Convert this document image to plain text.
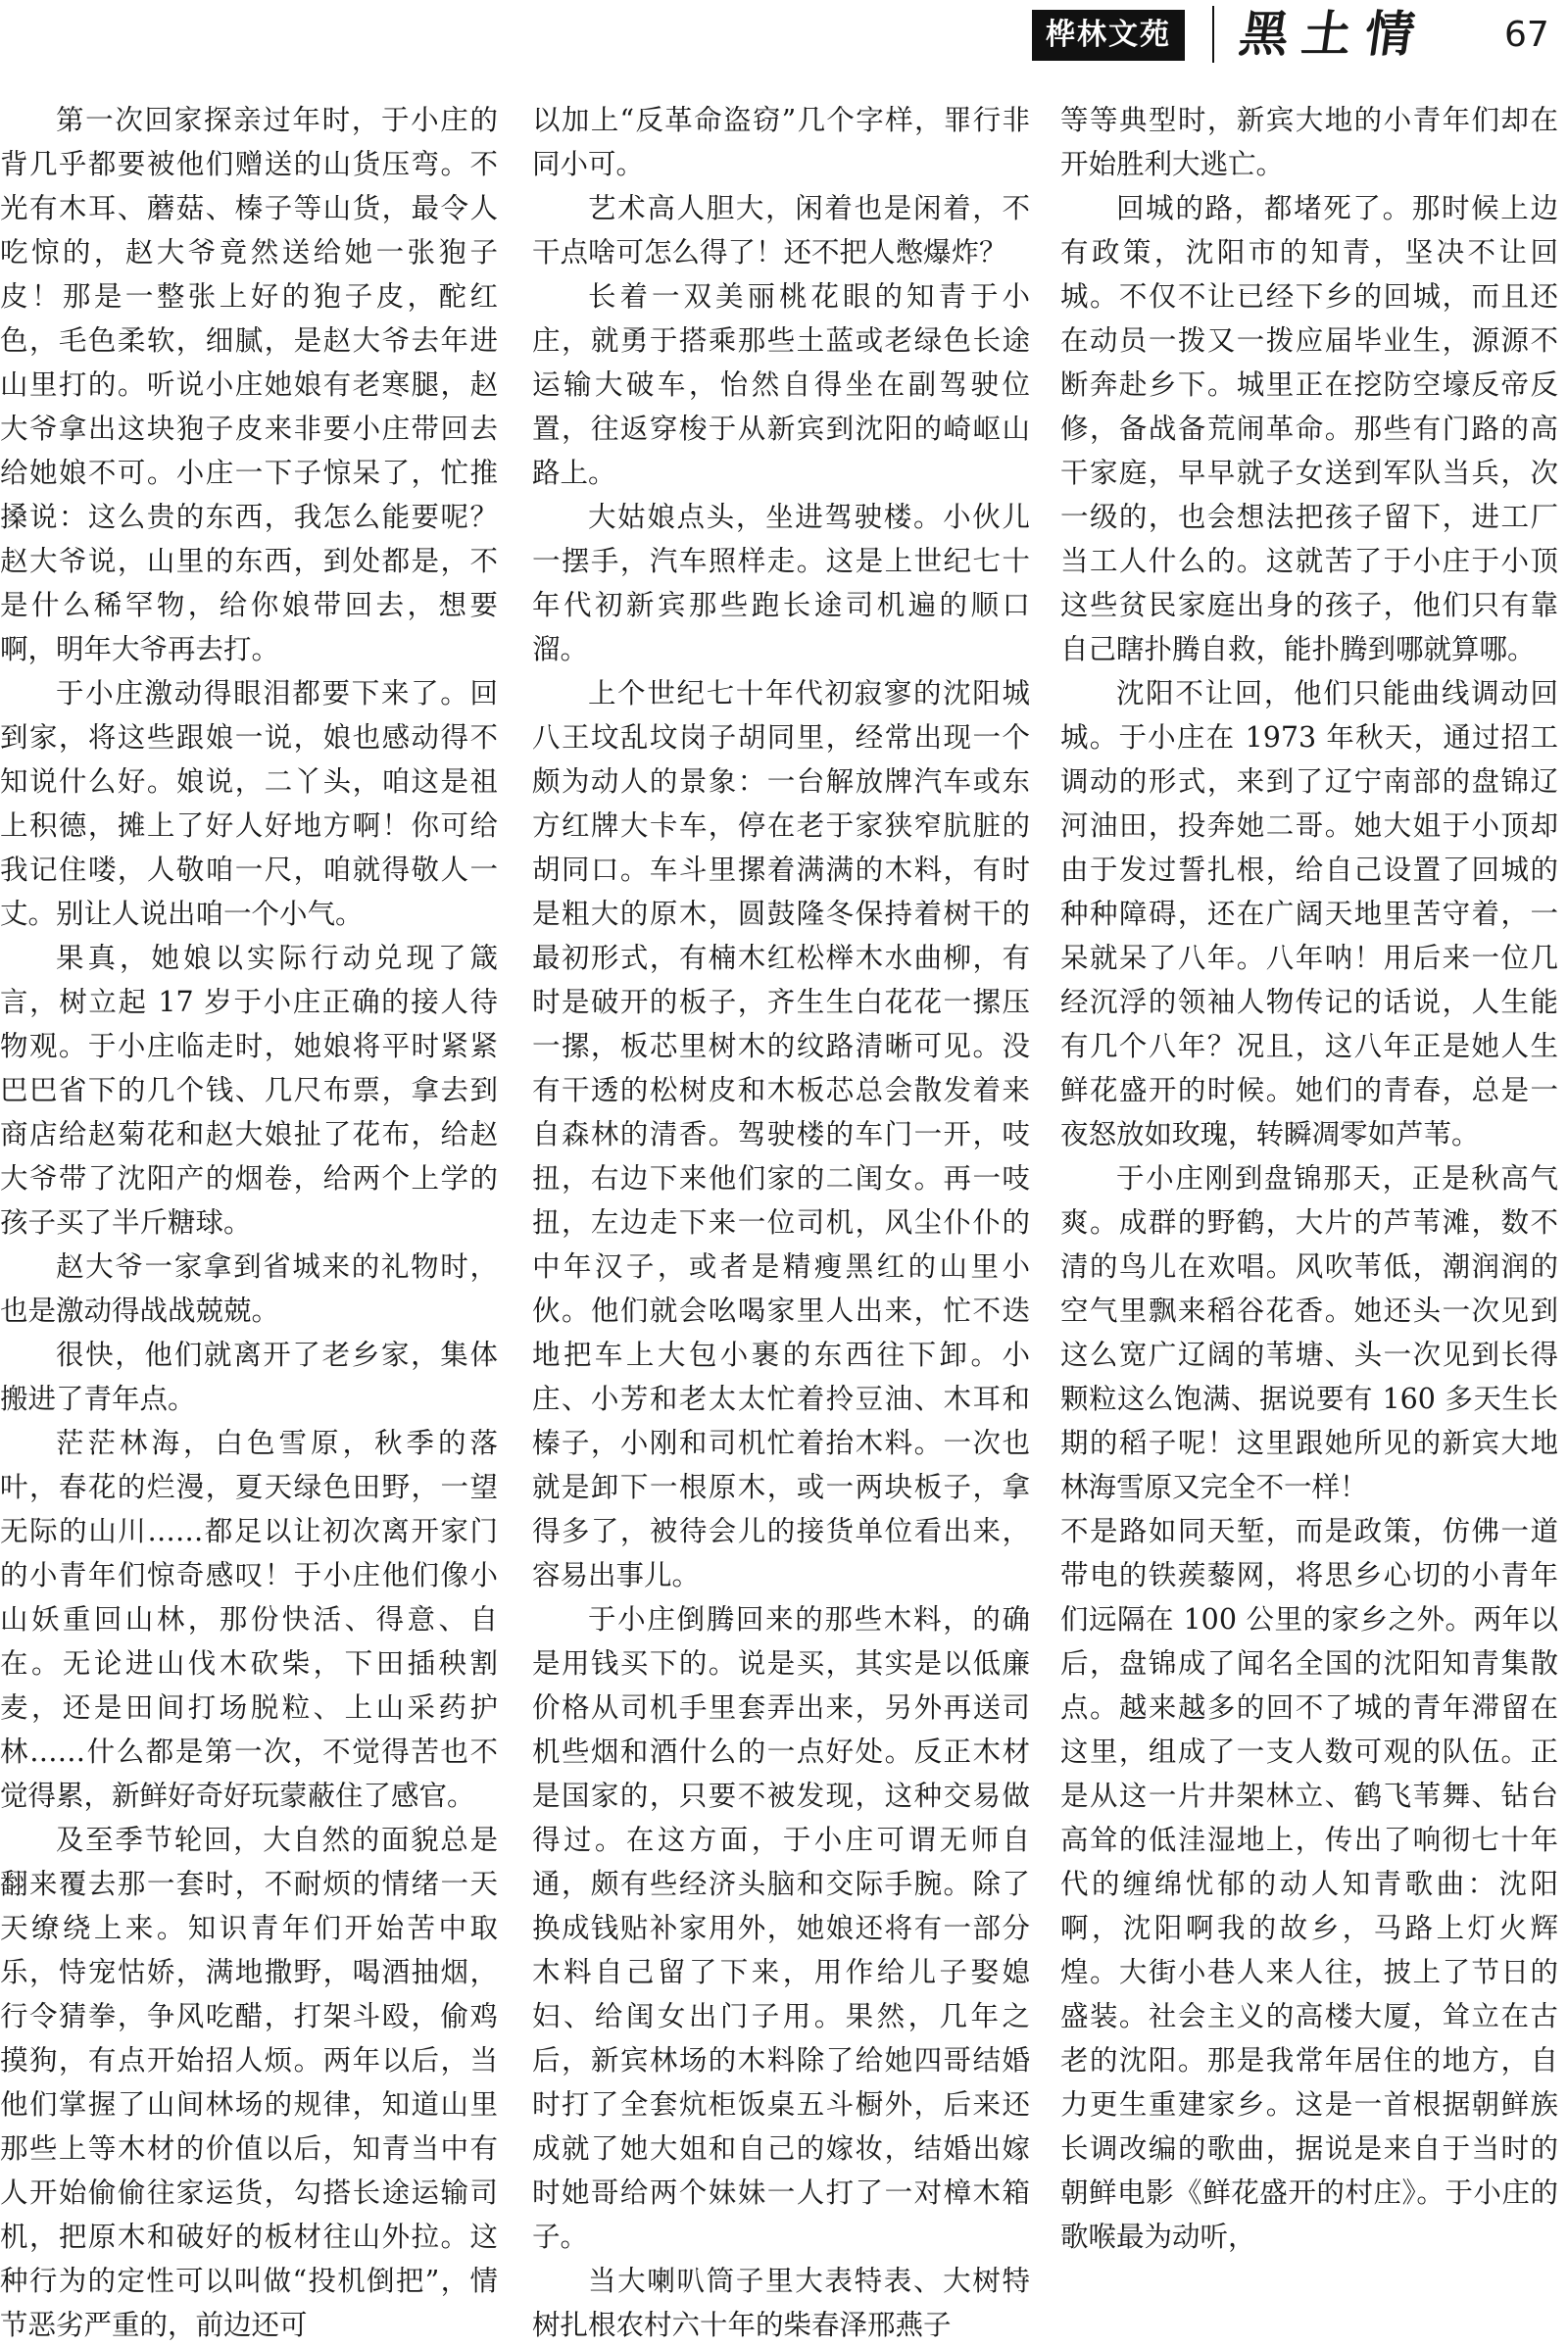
桦林文苑 黑土情 67

第一次回家探亲过年时，于小庄的背几乎都要被他们赠送的山货压弯。不光有木耳、蘑菇、榛子等山货，最令人吃惊的，赵大爷竟然送给她一张狍子皮！那是一整张上好的狍子皮，酡红色，毛色柔软，细腻，是赵大爷去年进山里打的。听说小庄她娘有老寒腿，赵大爷拿出这块狍子皮来非要小庄带回去给她娘不可。小庄一下子惊呆了，忙推搡说：这么贵的东西，我怎么能要呢？赵大爷说，山里的东西，到处都是，不是什么稀罕物，给你娘带回去，想要啊，明年大爷再去打。

于小庄激动得眼泪都要下来了。回到家，将这些跟娘一说，娘也感动得不知说什么好。娘说，二丫头，咱这是祖上积德，摊上了好人好地方啊！你可给我记住喽，人敬咱一尺，咱就得敬人一丈。别让人说出咱一个小气。

果真，她娘以实际行动兑现了箴言，树立起 17 岁于小庄正确的接人待物观。于小庄临走时，她娘将平时紧紧巴巴省下的几个钱、几尺布票，拿去到商店给赵菊花和赵大娘扯了花布，给赵大爷带了沈阳产的烟卷，给两个上学的孩子买了半斤糖球。

赵大爷一家拿到省城来的礼物时，也是激动得战战兢兢。

很快，他们就离开了老乡家，集体搬进了青年点。

茫茫林海，白色雪原，秋季的落叶，春花的烂漫，夏天绿色田野，一望无际的山川……都足以让初次离开家门的小青年们惊奇感叹！于小庄他们像小山妖重回山林，那份快活、得意、自在。无论进山伐木砍柴，下田插秧割麦，还是田间打场脱粒、上山采药护林……什么都是第一次，不觉得苦也不觉得累，新鲜好奇好玩蒙蔽住了感官。

及至季节轮回，大自然的面貌总是翻来覆去那一套时，不耐烦的情绪一天天缭绕上来。知识青年们开始苦中取乐，恃宠怙娇，满地撒野，喝酒抽烟，行令猜拳，争风吃醋，打架斗殴，偷鸡摸狗，有点开始招人烦。两年以后，当他们掌握了山间林场的规律，知道山里那些上等木材的价值以后，知青当中有人开始偷偷往家运货，勾搭长途运输司机，把原木和破好的板材往山外拉。这种行为的定性可以叫做“投机倒把”，情节恶劣严重的，前边还可

以加上“反革命盗窃”几个字样，罪行非同小可。

艺术高人胆大，闲着也是闲着，不干点啥可怎么得了！还不把人憋爆炸？

长着一双美丽桃花眼的知青于小庄，就勇于搭乘那些土蓝或老绿色长途运输大破车，怡然自得坐在副驾驶位置，往返穿梭于从新宾到沈阳的崎岖山路上。

大姑娘点头，坐进驾驶楼。小伙儿一摆手，汽车照样走。这是上世纪七十年代初新宾那些跑长途司机遍的顺口溜。

上个世纪七十年代初寂寥的沈阳城八王坟乱坟岗子胡同里，经常出现一个颇为动人的景象：一台解放牌汽车或东方红牌大卡车，停在老于家狭窄肮脏的胡同口。车斗里摞着满满的木料，有时是粗大的原木，圆鼓隆冬保持着树干的最初形式，有楠木红松榉木水曲柳，有时是破开的板子，齐生生白花花一摞压一摞，板芯里树木的纹路清晰可见。没有干透的松树皮和木板芯总会散发着来自森林的清香。驾驶楼的车门一开，吱扭，右边下来他们家的二闺女。再一吱扭，左边走下来一位司机，风尘仆仆的中年汉子，或者是精瘦黑红的山里小伙。他们就会吆喝家里人出来，忙不迭地把车上大包小裹的东西往下卸。小庄、小芳和老太太忙着拎豆油、木耳和榛子，小刚和司机忙着抬木料。一次也就是卸下一根原木，或一两块板子，拿得多了，被待会儿的接货单位看出来，容易出事儿。

于小庄倒腾回来的那些木料，的确是用钱买下的。说是买，其实是以低廉价格从司机手里套弄出来，另外再送司机些烟和酒什么的一点好处。反正木材是国家的，只要不被发现，这种交易做得过。在这方面，于小庄可谓无师自通，颇有些经济头脑和交际手腕。除了换成钱贴补家用外，她娘还将有一部分木料自己留了下来，用作给儿子娶媳妇、给闺女出门子用。果然，几年之后，新宾林场的木料除了给她四哥结婚时打了全套炕柜饭桌五斗橱外，后来还成就了她大姐和自己的嫁妆，结婚出嫁时她哥给两个妹妹一人打了一对樟木箱子。

当大喇叭筒子里大表特表、大树特树扎根农村六十年的柴春泽邢燕子

等等典型时，新宾大地的小青年们却在开始胜利大逃亡。

回城的路，都堵死了。那时候上边有政策，沈阳市的知青，坚决不让回城。不仅不让已经下乡的回城，而且还在动员一拨又一拨应届毕业生，源源不断奔赴乡下。城里正在挖防空壕反帝反修，备战备荒闹革命。那些有门路的高干家庭，早早就子女送到军队当兵，次一级的，也会想法把孩子留下，进工厂当工人什么的。这就苦了于小庄于小顶这些贫民家庭出身的孩子，他们只有靠自己瞎扑腾自救，能扑腾到哪就算哪。

沈阳不让回，他们只能曲线调动回城。于小庄在 1973 年秋天，通过招工调动的形式，来到了辽宁南部的盘锦辽河油田，投奔她二哥。她大姐于小顶却由于发过誓扎根，给自己设置了回城的种种障碍，还在广阔天地里苦守着，一呆就呆了八年。八年呐！用后来一位几经沉浮的领袖人物传记的话说，人生能有几个八年？况且，这八年正是她人生鲜花盛开的时候。她们的青春，总是一夜怒放如玫瑰，转瞬凋零如芦苇。

于小庄刚到盘锦那天，正是秋高气爽。成群的野鹤，大片的芦苇滩，数不清的鸟儿在欢唱。风吹苇低，潮润润的空气里飘来稻谷花香。她还头一次见到这么宽广辽阔的苇塘、头一次见到长得颗粒这么饱满、据说要有 160 多天生长期的稻子呢！这里跟她所见的新宾大地林海雪原又完全不一样！

不是路如同天堑，而是政策，仿佛一道带电的铁蒺藜网，将思乡心切的小青年们远隔在 100 公里的家乡之外。两年以后，盘锦成了闻名全国的沈阳知青集散点。越来越多的回不了城的青年滞留在这里，组成了一支人数可观的队伍。正是从这一片井架林立、鹤飞苇舞、钻台高耸的低洼湿地上，传出了响彻七十年代的缠绵忧郁的动人知青歌曲：沈阳啊，沈阳啊我的故乡，马路上灯火辉煌。大街小巷人来人往，披上了节日的盛装。社会主义的高楼大厦，耸立在古老的沈阳。那是我常年居住的地方，自力更生重建家乡。这是一首根据朝鲜族长调改编的歌曲，据说是来自于当时的朝鲜电影《鲜花盛开的村庄》。于小庄的歌喉最为动听，
